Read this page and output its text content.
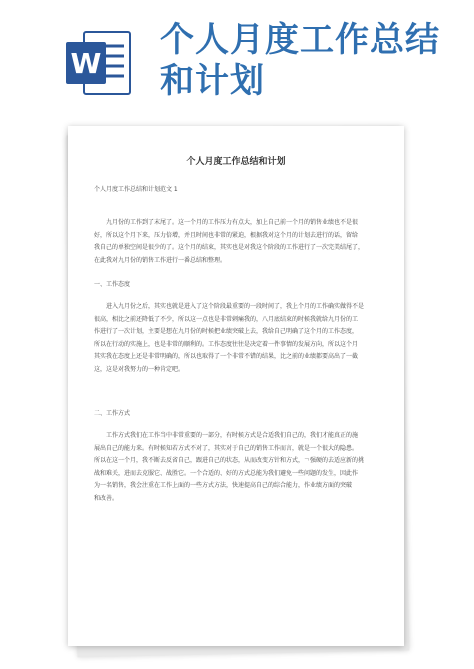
W
个人月度工作总结
和计划
个人月度工作总结和计划
个人月度工作总结和计划范文 1
九月份的工作到了末尾了。这一个月的工作压力有点大，加上自己前一个月的销售业绩也不是很
好，所以这个月下来，压力倍增，并且时间也非常的紧迫，根据我对这个月的计划去进行的话，留给
我自己的单独空间是很少的了。这个月的结束，其实也是对我这个阶段的工作进行了一次完美结尾了，
在此我对九月份的销售工作进行一番总结和整理。
一、工作态度
进入九月份之后，其实也就是进入了这个阶段最重要的一段时间了，我上个月的工作确实做得不是
很高，相比之前还降低了不少，所以这一点也是非常刺痛我的，八月底结束的时候我就给九月份的工
作进行了一次计划，主要是想在九月份的时候把业绩突破上去，我给自己明确了这个月的工作态度，
所以在行动的实施上，也是非常的顺利的。工作态度往往是决定着一件事情的发展方向，所以这个月
其实我在态度上还是非常明确的，所以也取得了一个非常不错的结果，比之前的业绩都要高出了一截
这，这是对我努力的一种肯定吧。
二、工作方式
工作方式我们在工作当中非常重要的一部分，有时候方式是合适我们自己的，我们才能真正的施
展出自己的能力来。有时候知若方式不对了，其实对于自己的销售工作而言，就是一个很大的隐患。
所以在这一个月，我不断去反省自己，跟进自己的状态，从而改变方针和方式，￢强硬的去适应新的挑
战和难关，进而去克服它、战胜它。一个合适的、好的方式总能为我们避免一些问题的发生，因此作
为一名销售，我会注重在工作上面的一些方式方法，快速提高自己的综合能力，作业绩方面的突破
和改善。
